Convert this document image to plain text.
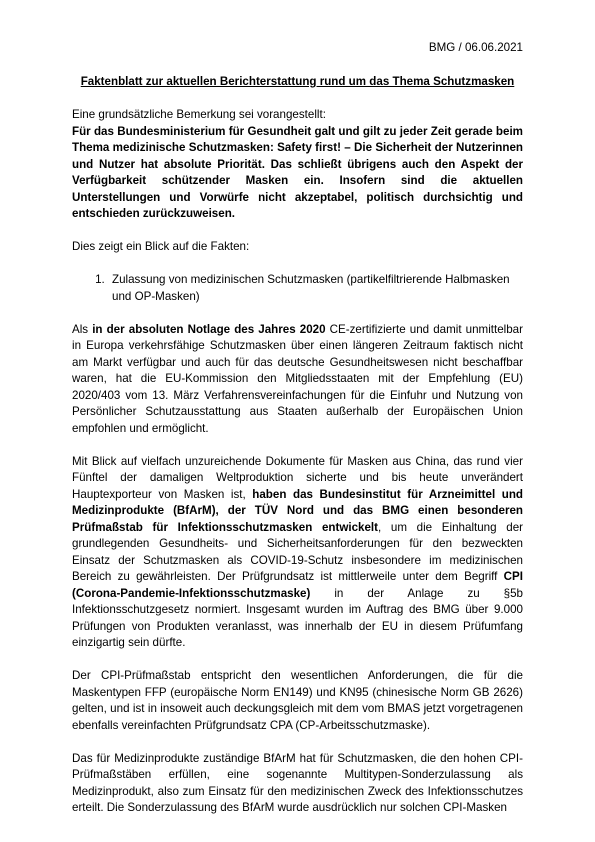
BMG / 06.06.2021
Faktenblatt zur aktuellen Berichterstattung rund um das Thema Schutzmasken

Eine grundsätzliche Bemerkung sei vorangestellt:
Für das Bundesministerium für Gesundheit galt und gilt zu jeder Zeit gerade beim Thema medizinische Schutzmasken: Safety first! – Die Sicherheit der Nutzerinnen und Nutzer hat absolute Priorität. Das schließt übrigens auch den Aspekt der Verfügbarkeit schützender Masken ein. Insofern sind die aktuellen Unterstellungen und Vorwürfe nicht akzeptabel, politisch durchsichtig und entschieden zurückzuweisen.

Dies zeigt ein Blick auf die Fakten:

1. Zulassung von medizinischen Schutzmasken (partikelfiltrierende Halbmasken und OP-Masken)

Als in der absoluten Notlage des Jahres 2020 CE-zertifizierte und damit unmittelbar in Europa verkehrsfähige Schutzmasken über einen längeren Zeitraum faktisch nicht am Markt verfügbar und auch für das deutsche Gesundheitswesen nicht beschaffbar waren, hat die EU-Kommission den Mitgliedsstaaten mit der Empfehlung (EU) 2020/403 vom 13. März Verfahrensvereinfachungen für die Einfuhr und Nutzung von Persönlicher Schutzausstattung aus Staaten außerhalb der Europäischen Union empfohlen und ermöglicht.

Mit Blick auf vielfach unzureichende Dokumente für Masken aus China, das rund vier Fünftel der damaligen Weltproduktion sicherte und bis heute unverändert Hauptexporteur von Masken ist, haben das Bundesinstitut für Arzneimittel und Medizinprodukte (BfArM), der TÜV Nord und das BMG einen besonderen Prüfmaßstab für Infektionsschutzmasken entwickelt, um die Einhaltung der grundlegenden Gesundheits- und Sicherheitsanforderungen für den bezweckten Einsatz der Schutzmasken als COVID-19-Schutz insbesondere im medizinischen Bereich zu gewährleisten. Der Prüfgrundsatz ist mittlerweile unter dem Begriff CPI (Corona-Pandemie-Infektionsschutzmaske) in der Anlage zu §5b Infektionsschutzgesetz normiert. Insgesamt wurden im Auftrag des BMG über 9.000 Prüfungen von Produkten veranlasst, was innerhalb der EU in diesem Prüfumfang einzigartig sein dürfte.

Der CPI-Prüfmaßstab entspricht den wesentlichen Anforderungen, die für die Maskentypen FFP (europäische Norm EN149) und KN95 (chinesische Norm GB 2626) gelten, und ist in insoweit auch deckungsgleich mit dem vom BMAS jetzt vorgetragenen ebenfalls vereinfachten Prüfgrundsatz CPA (CP-Arbeitsschutzmaske).

Das für Medizinprodukte zuständige BfArM hat für Schutzmasken, die den hohen CPI-Prüfmaßstäben erfüllen, eine sogenannte Multitypen-Sonderzulassung als Medizinprodukt, also zum Einsatz für den medizinischen Zweck des Infektionsschutzes erteilt. Die Sonderzulassung des BfArM wurde ausdrücklich nur solchen CPI-Masken
